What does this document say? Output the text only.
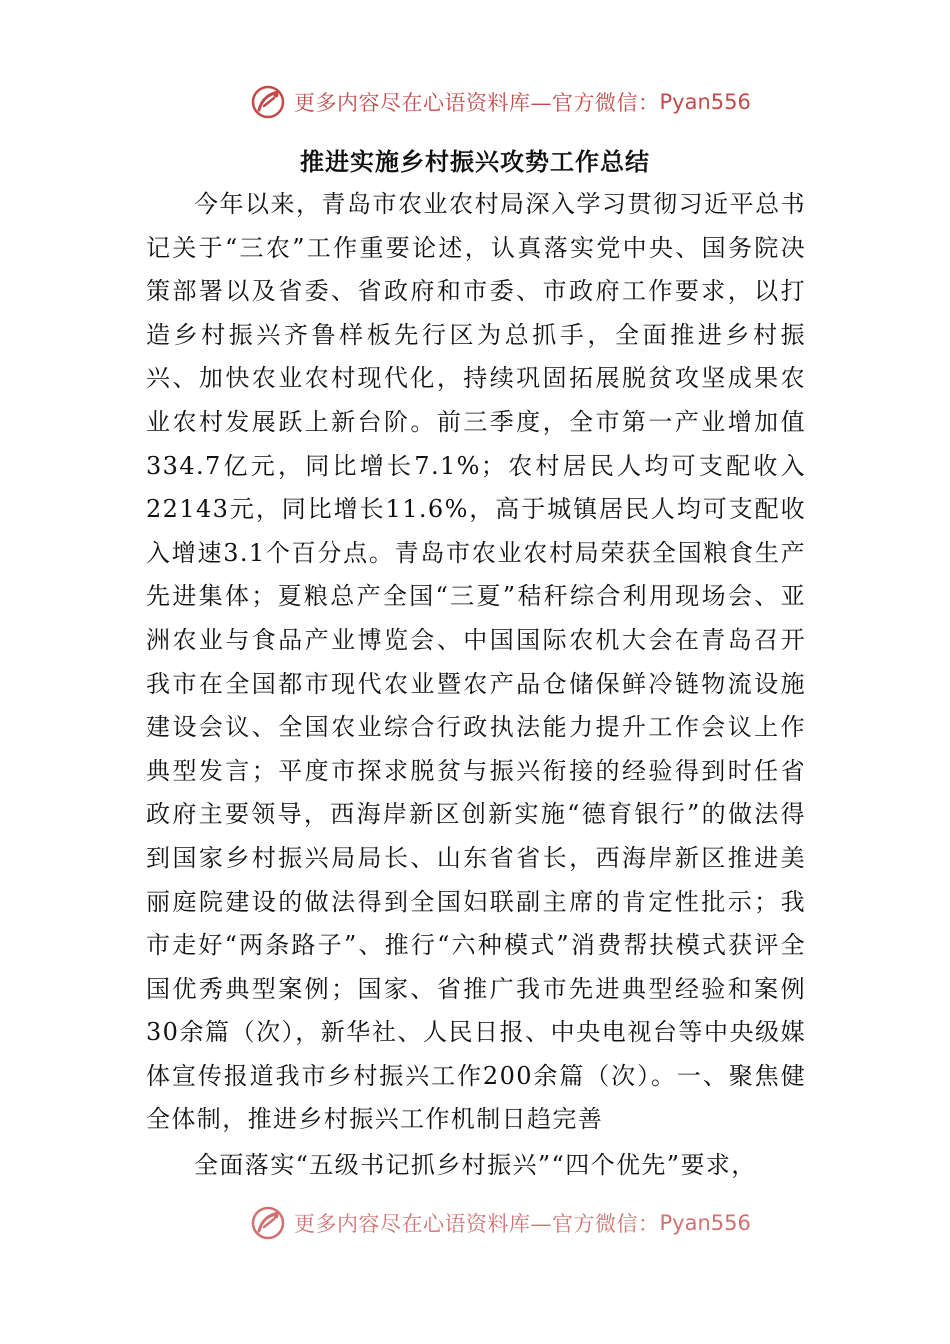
更多内容尽在心语资料库—官方微信： Pyan556
推进实施乡村振兴攻势工作总结

今年以来，青岛市农业农村局深入学习贯彻习近平总书记关于“三农”工作重要论述，认真落实党中央、国务院决策部署以及省委、省政府和市委、市政府工作要求，以打造乡村振兴齐鲁样板先行区为总抓手，全面推进乡村振兴、加快农业农村现代化，持续巩固拓展脱贫攻坚成果农业农村发展跃上新台阶。前三季度，全市第一产业增加值334.7亿元，同比增长7.1%；农村居民人均可支配收入22143元，同比增长11.6%，高于城镇居民人均可支配收入增速3.1个百分点。青岛市农业农村局荣获全国粮食生产先进集体；夏粮总产全国“三夏”秸秆综合利用现场会、亚洲农业与食品产业博览会、中国国际农机大会在青岛召开我市在全国都市现代农业暨农产品仓储保鲜冷链物流设施建设会议、全国农业综合行政执法能力提升工作会议上作典型发言；平度市探求脱贫与振兴衔接的经验得到时任省政府主要领导，西海岸新区创新实施“德育银行”的做法得到国家乡村振兴局局长、山东省省长，西海岸新区推进美丽庭院建设的做法得到全国妇联副主席的肯定性批示；我市走好“两条路子”、推行“六种模式”消费帮扶模式获评全国优秀典型案例；国家、省推广我市先进典型经验和案例30余篇（次），新华社、人民日报、中央电视台等中央级媒体宣传报道我市乡村振兴工作200余篇（次）。一、聚焦健全体制，推进乡村振兴工作机制日趋完善

全面落实“五级书记抓乡村振兴”“四个优先”要求，

更多内容尽在心语资料库—官方微信： Pyan556
